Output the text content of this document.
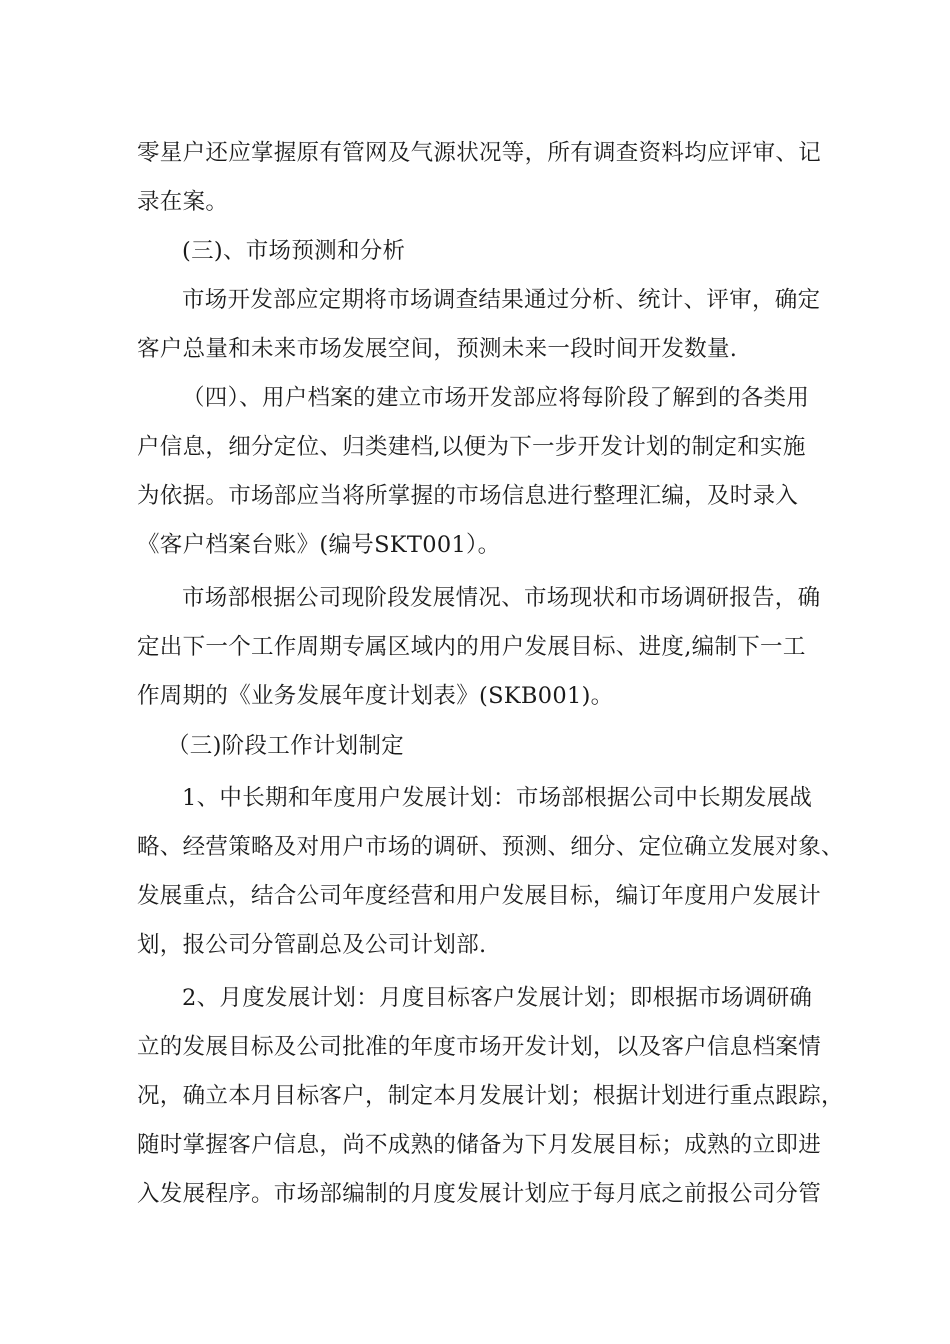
零星户还应掌握原有管网及气源状况等，所有调查资料均应评审、记
录在案。
(三)、市场预测和分析
市场开发部应定期将市场调查结果通过分析、统计、评审，确定
客户总量和未来市场发展空间，预测未来一段时间开发数量.
（四）、用户档案的建立市场开发部应将每阶段了解到的各类用
户信息，细分定位、归类建档,以便为下一步开发计划的制定和实施
为依据。市场部应当将所掌握的市场信息进行整理汇编，及时录入
《客户档案台账》(编号SKT001）。
市场部根据公司现阶段发展情况、市场现状和市场调研报告，确
定出下一个工作周期专属区域内的用户发展目标、进度,编制下一工
作周期的《业务发展年度计划表》(SKB001)。
（三)阶段工作计划制定
1、中长期和年度用户发展计划：市场部根据公司中长期发展战
略、经营策略及对用户市场的调研、预测、细分、定位确立发展对象、
发展重点，结合公司年度经营和用户发展目标，编订年度用户发展计
划，报公司分管副总及公司计划部.
2、月度发展计划：月度目标客户发展计划；即根据市场调研确
立的发展目标及公司批准的年度市场开发计划，以及客户信息档案情
况，确立本月目标客户，制定本月发展计划；根据计划进行重点跟踪，
随时掌握客户信息，尚不成熟的储备为下月发展目标；成熟的立即进
入发展程序。市场部编制的月度发展计划应于每月底之前报公司分管
